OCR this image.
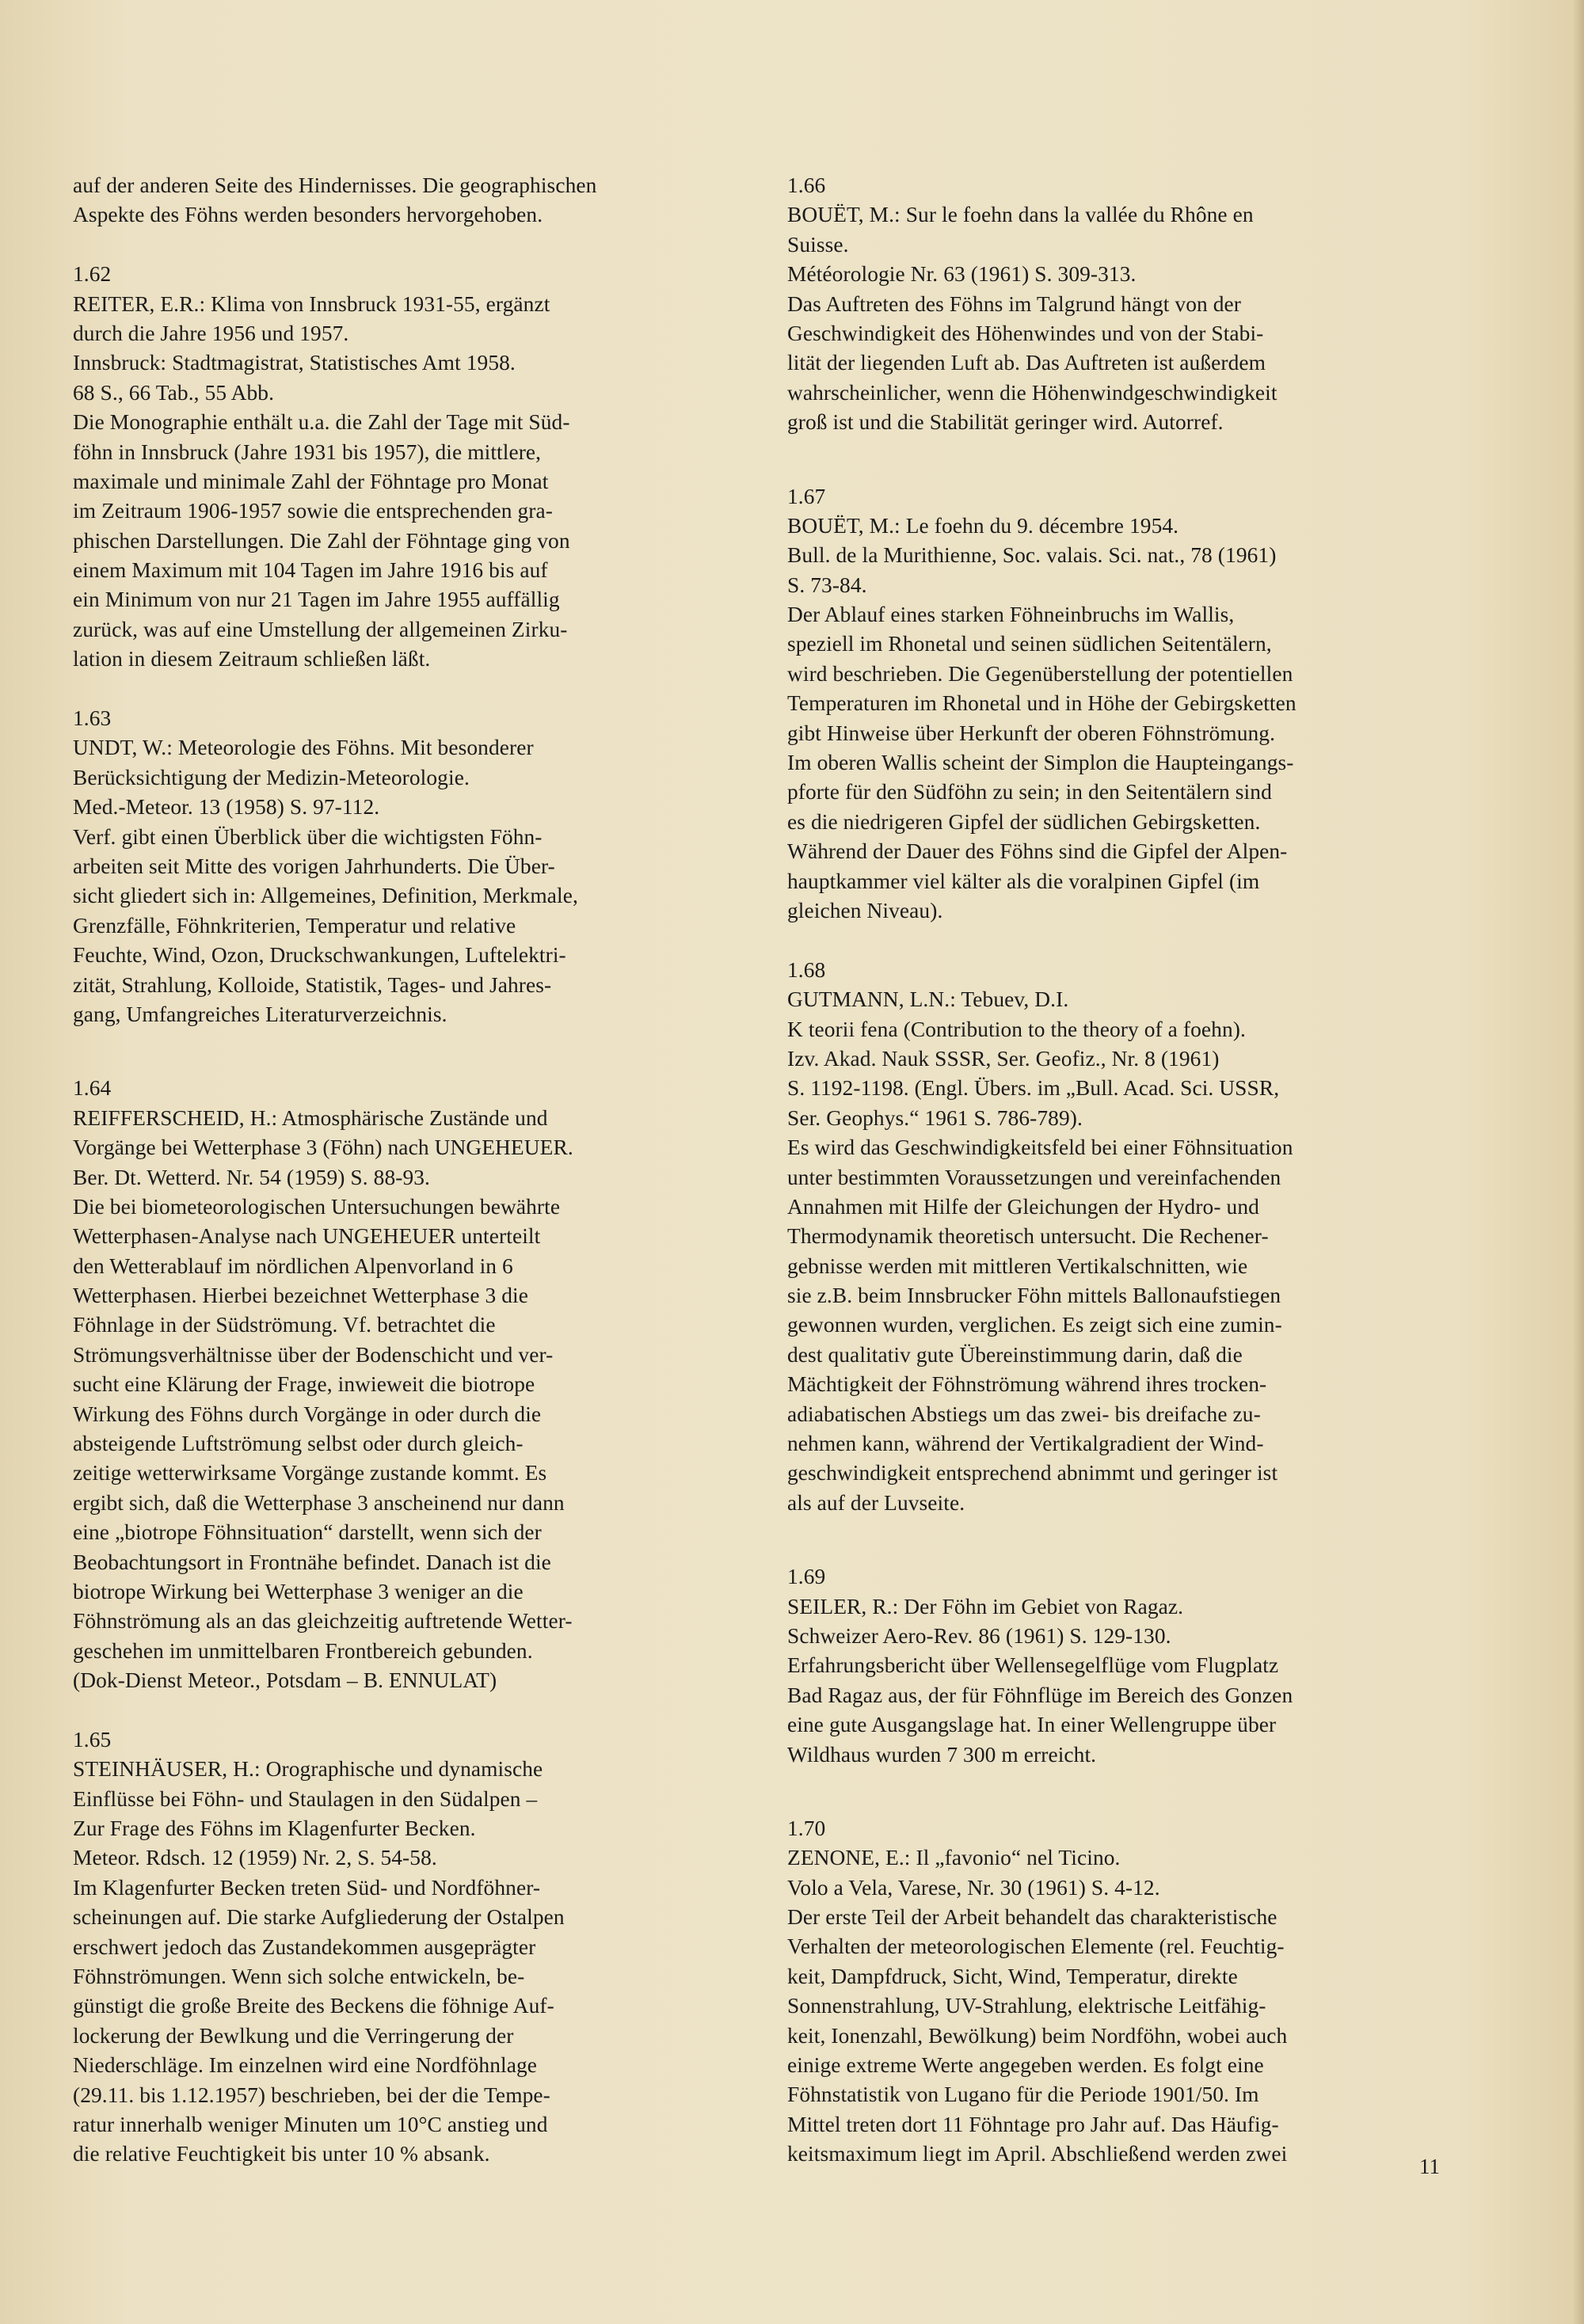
auf der anderen Seite des Hindernisses. Die geographischen
Aspekte des Föhns werden besonders hervorgehoben.
1.62
REITER, E.R.: Klima von Innsbruck 1931-55, ergänzt
durch die Jahre 1956 und 1957.
Innsbruck: Stadtmagistrat, Statistisches Amt 1958.
68 S., 66 Tab., 55 Abb.
Die Monographie enthält u.a. die Zahl der Tage mit Süd-
föhn in Innsbruck (Jahre 1931 bis 1957), die mittlere,
maximale und minimale Zahl der Föhntage pro Monat
im Zeitraum 1906-1957 sowie die entsprechenden gra-
phischen Darstellungen. Die Zahl der Föhntage ging von
einem Maximum mit 104 Tagen im Jahre 1916 bis auf
ein Minimum von nur 21 Tagen im Jahre 1955 auffällig
zurück, was auf eine Umstellung der allgemeinen Zirku-
lation in diesem Zeitraum schließen läßt.
1.63
UNDT, W.: Meteorologie des Föhns. Mit besonderer
Berücksichtigung der Medizin-Meteorologie.
Med.-Meteor. 13 (1958) S. 97-112.
Verf. gibt einen Überblick über die wichtigsten Föhn-
arbeiten seit Mitte des vorigen Jahrhunderts. Die Über-
sicht gliedert sich in: Allgemeines, Definition, Merkmale,
Grenzfälle, Föhnkriterien, Temperatur und relative
Feuchte, Wind, Ozon, Druckschwankungen, Luftelektri-
zität, Strahlung, Kolloide, Statistik, Tages- und Jahres-
gang, Umfangreiches Literaturverzeichnis.
1.64
REIFFERSCHEID, H.: Atmosphärische Zustände und
Vorgänge bei Wetterphase 3 (Föhn) nach UNGEHEUER.
Ber. Dt. Wetterd. Nr. 54 (1959) S. 88-93.
Die bei biometeorologischen Untersuchungen bewährte
Wetterphasen-Analyse nach UNGEHEUER unterteilt
den Wetterablauf im nördlichen Alpenvorland in 6
Wetterphasen. Hierbei bezeichnet Wetterphase 3 die
Föhnlage in der Südströmung. Vf. betrachtet die
Strömungsverhältnisse über der Bodenschicht und ver-
sucht eine Klärung der Frage, inwieweit die biotrope
Wirkung des Föhns durch Vorgänge in oder durch die
absteigende Luftströmung selbst oder durch gleich-
zeitige wetterwirksame Vorgänge zustande kommt. Es
ergibt sich, daß die Wetterphase 3 anscheinend nur dann
eine „biotrope Föhnsituation“ darstellt, wenn sich der
Beobachtungsort in Frontnähe befindet. Danach ist die
biotrope Wirkung bei Wetterphase 3 weniger an die
Föhnströmung als an das gleichzeitig auftretende Wetter-
geschehen im unmittelbaren Frontbereich gebunden.
(Dok-Dienst Meteor., Potsdam – B. ENNULAT)
1.65
STEINHÄUSER, H.: Orographische und dynamische
Einflüsse bei Föhn- und Staulagen in den Südalpen –
Zur Frage des Föhns im Klagenfurter Becken.
Meteor. Rdsch. 12 (1959) Nr. 2, S. 54-58.
Im Klagenfurter Becken treten Süd- und Nordföhner-
scheinungen auf. Die starke Aufgliederung der Ostalpen
erschwert jedoch das Zustandekommen ausgeprägter
Föhnströmungen. Wenn sich solche entwickeln, be-
günstigt die große Breite des Beckens die föhnige Auf-
lockerung der Bewlkung und die Verringerung der
Niederschläge. Im einzelnen wird eine Nordföhnlage
(29.11. bis 1.12.1957) beschrieben, bei der die Tempe-
ratur innerhalb weniger Minuten um 10°C anstieg und
die relative Feuchtigkeit bis unter 10 % absank.
1.66
BOUËT, M.: Sur le foehn dans la vallée du Rhône en
Suisse.
Météorologie Nr. 63 (1961) S. 309-313.
Das Auftreten des Föhns im Talgrund hängt von der
Geschwindigkeit des Höhenwindes und von der Stabi-
lität der liegenden Luft ab. Das Auftreten ist außerdem
wahrscheinlicher, wenn die Höhenwindgeschwindigkeit
groß ist und die Stabilität geringer wird. Autorref.
1.67
BOUËT, M.: Le foehn du 9. décembre 1954.
Bull. de la Murithienne, Soc. valais. Sci. nat., 78 (1961)
S. 73-84.
Der Ablauf eines starken Föhneinbruchs im Wallis,
speziell im Rhonetal und seinen südlichen Seitentälern,
wird beschrieben. Die Gegenüberstellung der potentiellen
Temperaturen im Rhonetal und in Höhe der Gebirgsketten
gibt Hinweise über Herkunft der oberen Föhnströmung.
Im oberen Wallis scheint der Simplon die Haupteingangs-
pforte für den Südföhn zu sein; in den Seitentälern sind
es die niedrigeren Gipfel der südlichen Gebirgsketten.
Während der Dauer des Föhns sind die Gipfel der Alpen-
hauptkammer viel kälter als die voralpinen Gipfel (im
gleichen Niveau).
1.68
GUTMANN, L.N.: Tebuev, D.I.
K teorii fena (Contribution to the theory of a foehn).
Izv. Akad. Nauk SSSR, Ser. Geofiz., Nr. 8 (1961)
S. 1192-1198. (Engl. Übers. im „Bull. Acad. Sci. USSR,
Ser. Geophys.“ 1961 S. 786-789).
Es wird das Geschwindigkeitsfeld bei einer Föhnsituation
unter bestimmten Voraussetzungen und vereinfachenden
Annahmen mit Hilfe der Gleichungen der Hydro- und
Thermodynamik theoretisch untersucht. Die Rechener-
gebnisse werden mit mittleren Vertikalschnitten, wie
sie z.B. beim Innsbrucker Föhn mittels Ballonaufstiegen
gewonnen wurden, verglichen. Es zeigt sich eine zumin-
dest qualitativ gute Übereinstimmung darin, daß die
Mächtigkeit der Föhnströmung während ihres trocken-
adiabatischen Abstiegs um das zwei- bis dreifache zu-
nehmen kann, während der Vertikalgradient der Wind-
geschwindigkeit entsprechend abnimmt und geringer ist
als auf der Luvseite.
1.69
SEILER, R.: Der Föhn im Gebiet von Ragaz.
Schweizer Aero-Rev. 86 (1961) S. 129-130.
Erfahrungsbericht über Wellensegelflüge vom Flugplatz
Bad Ragaz aus, der für Föhnflüge im Bereich des Gonzen
eine gute Ausgangslage hat. In einer Wellengruppe über
Wildhaus wurden 7 300 m erreicht.
1.70
ZENONE, E.: Il „favonio“ nel Ticino.
Volo a Vela, Varese, Nr. 30 (1961) S. 4-12.
Der erste Teil der Arbeit behandelt das charakteristische
Verhalten der meteorologischen Elemente (rel. Feuchtig-
keit, Dampfdruck, Sicht, Wind, Temperatur, direkte
Sonnenstrahlung, UV-Strahlung, elektrische Leitfähig-
keit, Ionenzahl, Bewölkung) beim Nordföhn, wobei auch
einige extreme Werte angegeben werden. Es folgt eine
Föhnstatistik von Lugano für die Periode 1901/50. Im
Mittel treten dort 11 Föhntage pro Jahr auf. Das Häufig-
keitsmaximum liegt im April. Abschließend werden zwei
11
